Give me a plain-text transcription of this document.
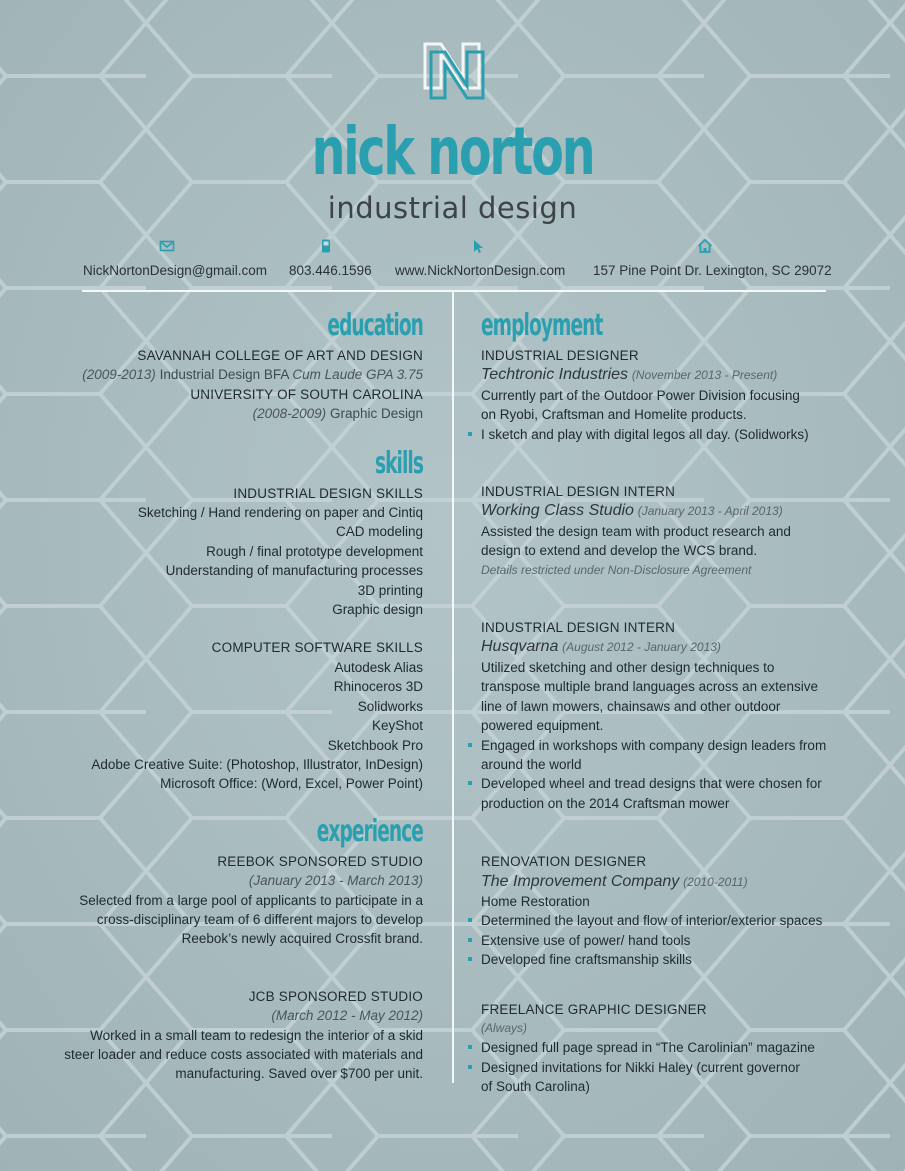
nick norton
industrial design
NickNortonDesign@gmail.com 803.446.1596 www.NickNortonDesign.com 157 Pine Point Dr. Lexington, SC 29072
education
SAVANNAH COLLEGE OF ART AND DESIGN
(2009-2013) Industrial Design BFA Cum Laude GPA 3.75
UNIVERSITY OF SOUTH CAROLINA
(2008-2009) Graphic Design
skills
INDUSTRIAL DESIGN SKILLS
Sketching / Hand rendering on paper and Cintiq
CAD modeling
Rough / final prototype development
Understanding of manufacturing processes
3D printing
Graphic design
COMPUTER SOFTWARE SKILLS
Autodesk Alias
Rhinoceros 3D
Solidworks
KeyShot
Sketchbook Pro
Adobe Creative Suite: (Photoshop, Illustrator, InDesign)
Microsoft Office: (Word, Excel, Power Point)
experience
REEBOK SPONSORED STUDIO
(January 2013 - March 2013)
Selected from a large pool of applicants to participate in a
cross-disciplinary team of 6 different majors to develop
Reebok’s newly acquired Crossfit brand.
JCB SPONSORED STUDIO
(March 2012 - May 2012)
Worked in a small team to redesign the interior of a skid
steer loader and reduce costs associated with materials and
manufacturing. Saved over $700 per unit.
employment
INDUSTRIAL DESIGNER
Techtronic Industries (November 2013 - Present)
Currently part of the Outdoor Power Division focusing
on Ryobi, Craftsman and Homelite products.
I sketch and play with digital legos all day. (Solidworks)
INDUSTRIAL DESIGN INTERN
Working Class Studio (January 2013 - April 2013)
Assisted the design team with product research and
design to extend and develop the WCS brand.
Details restricted under Non-Disclosure Agreement
INDUSTRIAL DESIGN INTERN
Husqvarna (August 2012 - January 2013)
Utilized sketching and other design techniques to
transpose multiple brand languages across an extensive
line of lawn mowers, chainsaws and other outdoor
powered equipment.
Engaged in workshops with company design leaders from
around the world
Developed wheel and tread designs that were chosen for
production on the 2014 Craftsman mower
RENOVATION DESIGNER
The Improvement Company (2010-2011)
Home Restoration
Determined the layout and flow of interior/exterior spaces
Extensive use of power/ hand tools
Developed fine craftsmanship skills
FREELANCE GRAPHIC DESIGNER
(Always)
Designed full page spread in “The Carolinian” magazine
Designed invitations for Nikki Haley (current governor
of South Carolina)
